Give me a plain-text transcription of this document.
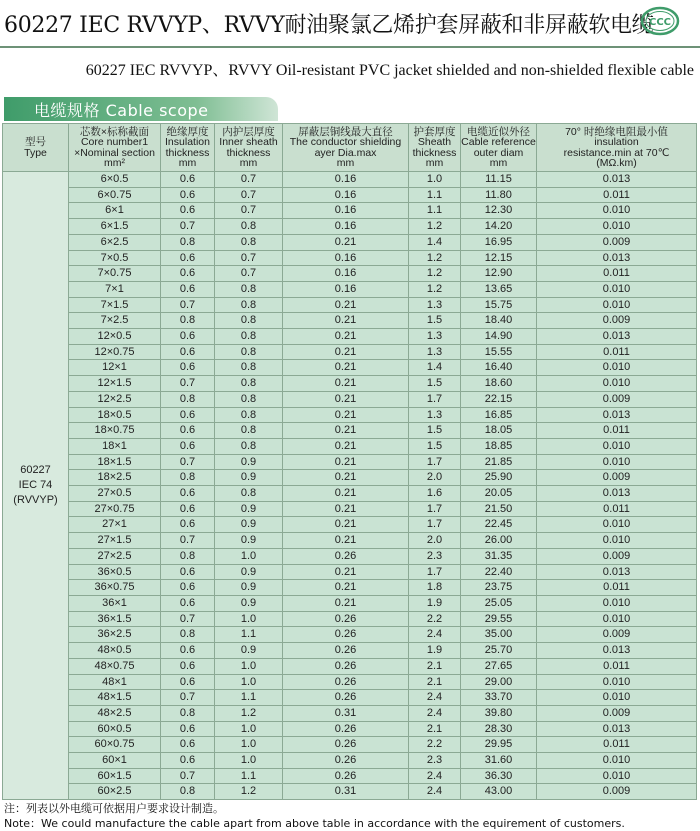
60227 IEC RVVYP、RVVY耐油聚氯乙烯护套屏蔽和非屏蔽软电缆
CCC
60227 IEC RVVYP、RVVY Oil-resistant PVC jacket shielded and non-shielded flexible cable
电缆规格 Cable scope
型号
Type	芯数×标称截面
Core number1
×Nominal section
mm²	绝缘厚度
Insulation
thickness
mm	内护层厚度
Inner sheath
thickness
mm	屏蔽层铜线最大直径
The conductor shielding
ayer Dia.max
mm	护套厚度
Sheath
thickness
mm	电缆近似外径
Cable reference
outer diam
mm	70° 时绝缘电阻最小值
insulation
resistance.min at 70℃
(MΩ.km)
60227
IEC 74
(RVVYP)	6×0.5	0.6	0.7	0.16	1.0	11.15	0.013
	6×0.75	0.6	0.7	0.16	1.1	11.80	0.011
	6×1	0.6	0.7	0.16	1.1	12.30	0.010
	6×1.5	0.7	0.8	0.16	1.2	14.20	0.010
	6×2.5	0.8	0.8	0.21	1.4	16.95	0.009
	7×0.5	0.6	0.7	0.16	1.2	12.15	0.013
	7×0.75	0.6	0.7	0.16	1.2	12.90	0.011
	7×1	0.6	0.8	0.16	1.2	13.65	0.010
	7×1.5	0.7	0.8	0.21	1.3	15.75	0.010
	7×2.5	0.8	0.8	0.21	1.5	18.40	0.009
	12×0.5	0.6	0.8	0.21	1.3	14.90	0.013
	12×0.75	0.6	0.8	0.21	1.3	15.55	0.011
	12×1	0.6	0.8	0.21	1.4	16.40	0.010
	12×1.5	0.7	0.8	0.21	1.5	18.60	0.010
	12×2.5	0.8	0.8	0.21	1.7	22.15	0.009
	18×0.5	0.6	0.8	0.21	1.3	16.85	0.013
	18×0.75	0.6	0.8	0.21	1.5	18.05	0.011
	18×1	0.6	0.8	0.21	1.5	18.85	0.010
	18×1.5	0.7	0.9	0.21	1.7	21.85	0.010
	18×2.5	0.8	0.9	0.21	2.0	25.90	0.009
	27×0.5	0.6	0.8	0.21	1.6	20.05	0.013
	27×0.75	0.6	0.9	0.21	1.7	21.50	0.011
	27×1	0.6	0.9	0.21	1.7	22.45	0.010
	27×1.5	0.7	0.9	0.21	2.0	26.00	0.010
	27×2.5	0.8	1.0	0.26	2.3	31.35	0.009
	36×0.5	0.6	0.9	0.21	1.7	22.40	0.013
	36×0.75	0.6	0.9	0.21	1.8	23.75	0.011
	36×1	0.6	0.9	0.21	1.9	25.05	0.010
	36×1.5	0.7	1.0	0.26	2.2	29.55	0.010
	36×2.5	0.8	1.1	0.26	2.4	35.00	0.009
	48×0.5	0.6	0.9	0.26	1.9	25.70	0.013
	48×0.75	0.6	1.0	0.26	2.1	27.65	0.011
	48×1	0.6	1.0	0.26	2.1	29.00	0.010
	48×1.5	0.7	1.1	0.26	2.4	33.70	0.010
	48×2.5	0.8	1.2	0.31	2.4	39.80	0.009
	60×0.5	0.6	1.0	0.26	2.1	28.30	0.013
	60×0.75	0.6	1.0	0.26	2.2	29.95	0.011
	60×1	0.6	1.0	0.26	2.3	31.60	0.010
	60×1.5	0.7	1.1	0.26	2.4	36.30	0.010
	60×2.5	0.8	1.2	0.31	2.4	43.00	0.009
注：列表以外电缆可依据用户要求设计制造。
Note：We could manufacture the cable apart from above table in accordance with the equirement of customers.
